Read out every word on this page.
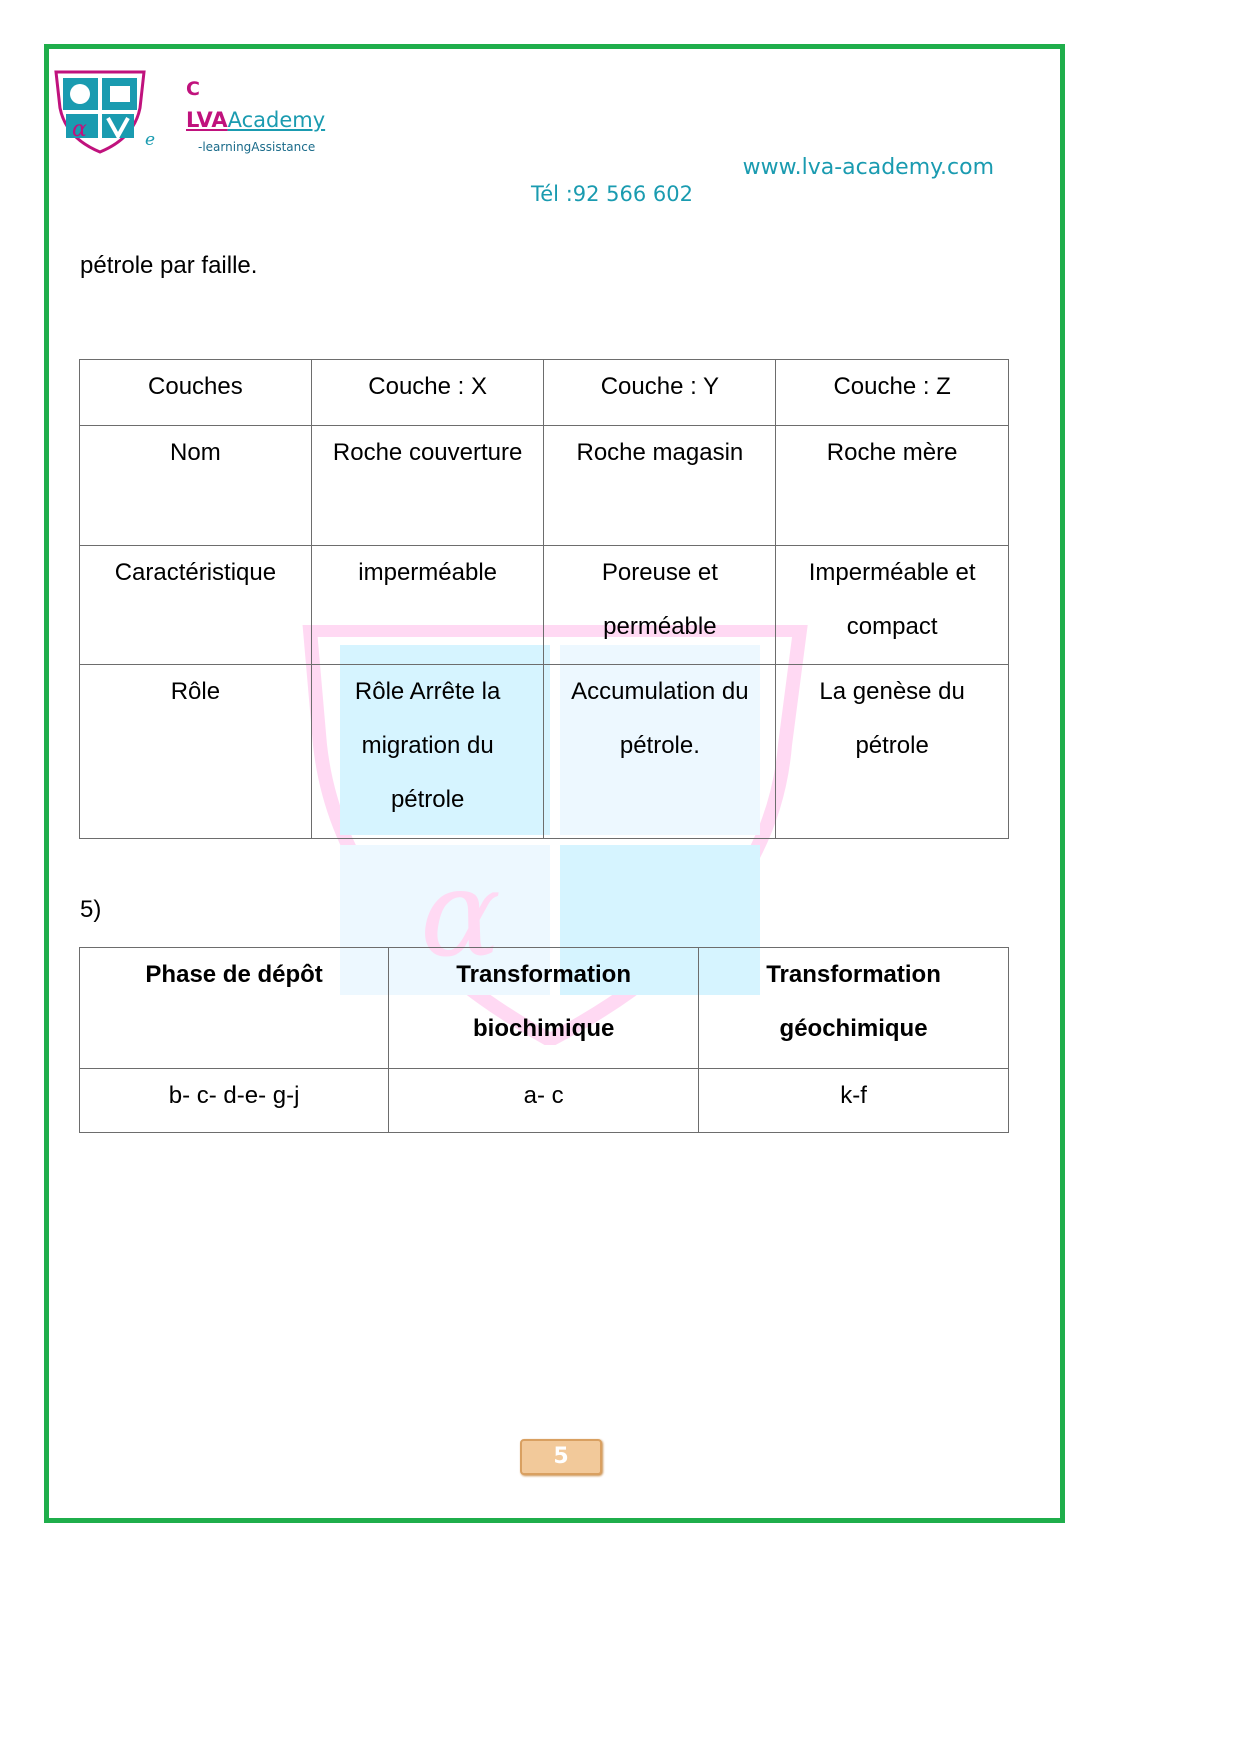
α
α
C
LVAAcademy
e	-learningAssistance
www.lva-academy.com
Tél :92 566 602
pétrole par faille.
Couches	Couche : X	Couche : Y	Couche : Z
Nom	Roche couverture	Roche magasin	Roche mère
Caractéristique	imperméable	Poreuse et perméable	Imperméable et compact
Rôle	Rôle Arrête la migration du pétrole	Accumulation du pétrole.	La genèse du pétrole
5)
Phase de dépôt	Transformation biochimique	Transformation géochimique
b- c- d-e- g-j	a- c	k-f
5
